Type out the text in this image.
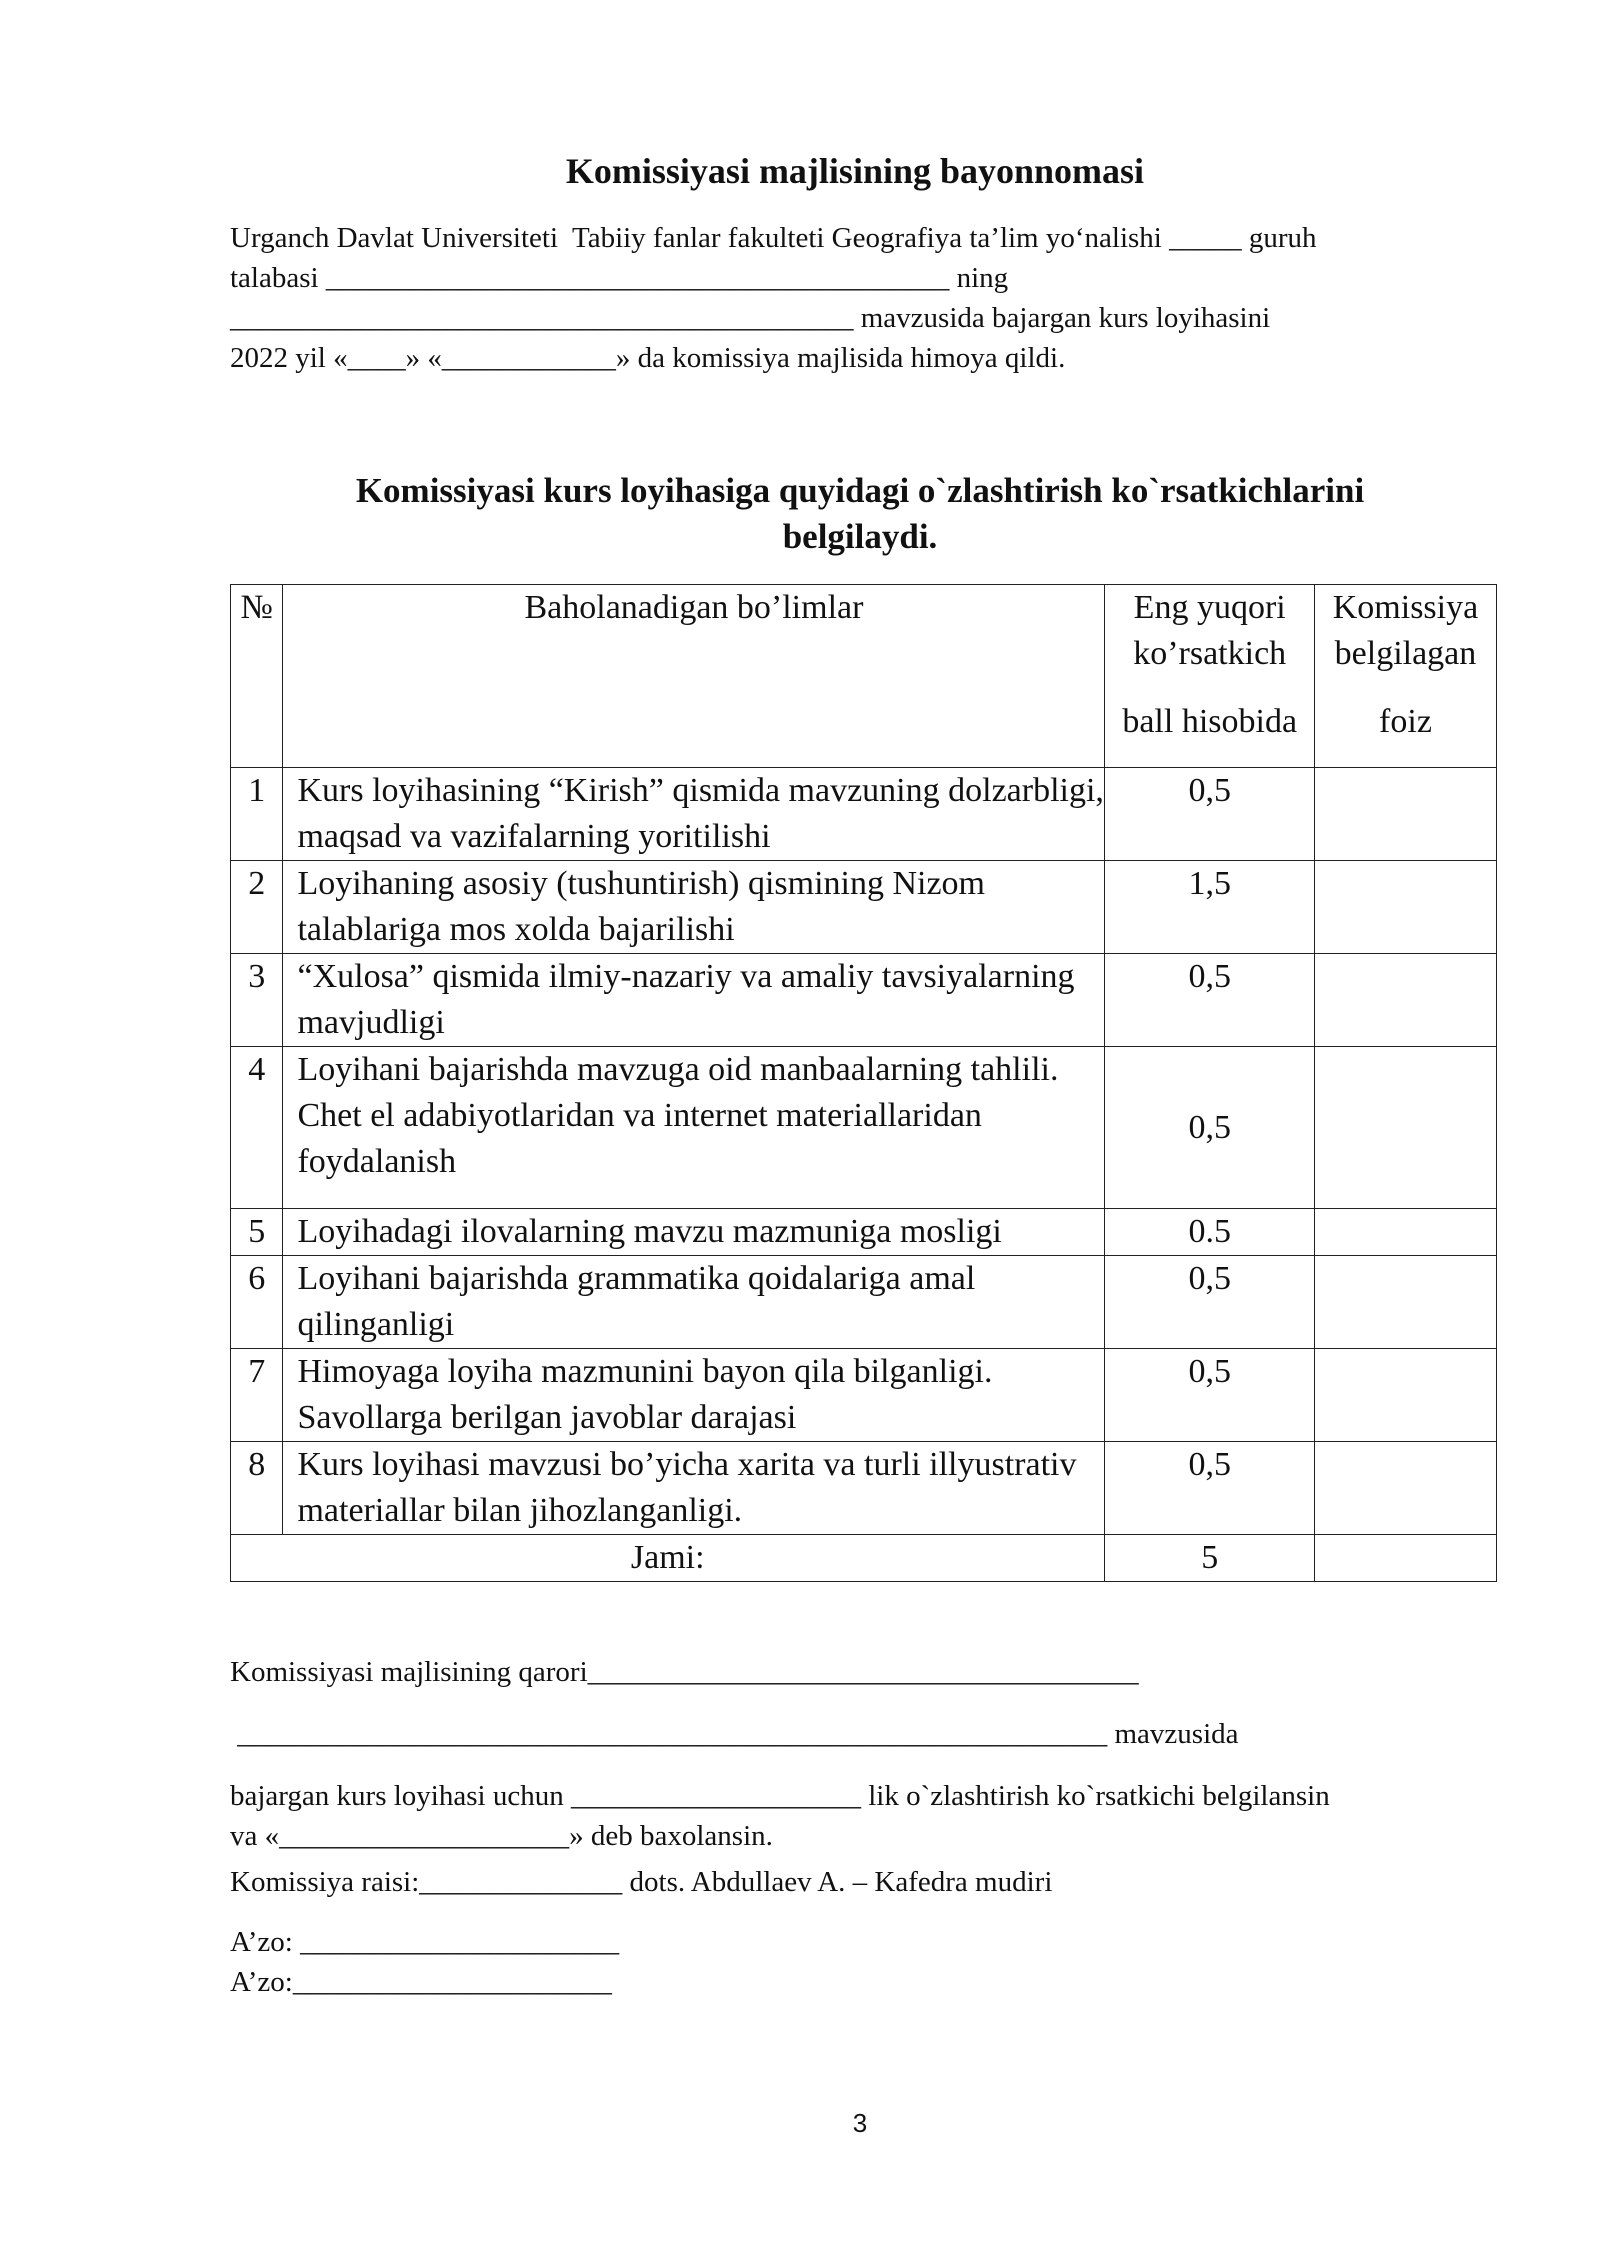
Komissiyasi majlisining bayonnomasi

Urganch Davlat Universiteti  Tabiiy fanlar fakulteti Geografiya ta’lim yo‘nalishi _____ guruh

talabasi ___________________________________________ ning

___________________________________________ mavzusida bajargan kurs loyihasini

2022 yil «____» «____________» da komissiya majlisida himoya qildi.

Komissiyasi kurs loyihasiga quyidagi o`zlashtirish ko`rsatkichlarini
belgilaydi.
№	Baholanadigan bo’limlar	Eng yuqori
ko’rsatkich
ball hisobida	Komissiya
belgilagan
foiz

1	Kurs loyihasining “Kirish” qismida mavzuning dolzarbligi, maqsad va vazifalarning yoritilishi	0,5	
2	Loyihaning asosiy (tushuntirish) qismining Nizom talablariga mos xolda bajarilishi	1,5	
3	“Xulosa” qismida ilmiy-nazariy va amaliy tavsiyalarning mavjudligi	0,5	
4	Loyihani bajarishda mavzuga oid manbaalarning tahlili. Chet el adabiyotlaridan va internet materiallaridan foydalanish	0,5	
5	Loyihadagi ilovalarning mavzu mazmuniga mosligi	0.5	
6	Loyihani bajarishda grammatika qoidalariga amal qilinganligi	0,5	
7	Himoyaga loyiha mazmunini bayon qila bilganligi. Savollarga berilgan javoblar darajasi	0,5	
8	Kurs loyihasi mavzusi bo’yicha xarita va turli illyustrativ materiallar bilan jihozlanganligi.	0,5	
Jami:		5	

Komissiyasi majlisining qarori______________________________________

____________________________________________________________ mavzusida

bajargan kurs loyihasi uchun ____________________ lik o`zlashtirish ko`rsatkichi belgilansin

va «____________________» deb baxolansin.

Komissiya raisi:______________ dots. Abdullaev A. – Kafedra mudiri

A’zo: ______________________

A’zo:______________________

3
